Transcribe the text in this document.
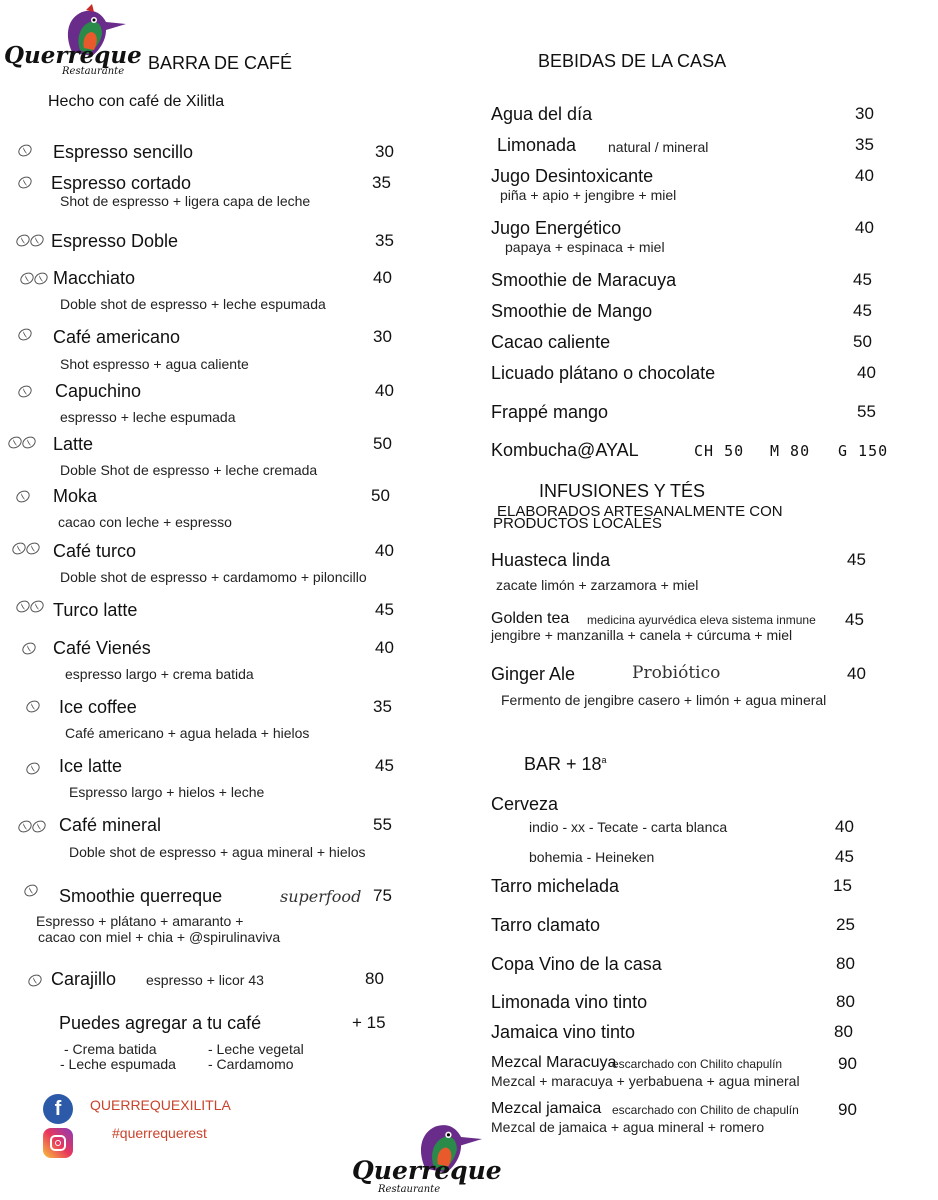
Querreque
Restaurante BARRA DE CAFÉ
Hecho con café de Xilitla
Puedes agregar a tu café	+ 15
- Crema batida	- Leche vegetal
- Leche espumada - Cardamomo
f	QUERREQUEXILITLA
#querrequerest
Querreque
Restaurante
BEBIDAS DE LA CASA
INFUSIONES Y TÉS
ELABORADOS ARTESANALMENTE CON
PRODUCTOS LOCALES
BAR + $18^a$
Espresso sencillo	30
Espresso cortado	35
Shot de espresso + ligera capa de leche
Espresso Doble	35
Macchiato	40
Doble shot de espresso + leche espumada
Café americano	30
Shot espresso + agua caliente
Capuchino	40
espresso + leche espumada
Latte	50
Doble Shot de espresso + leche cremada
Moka	50
cacao con leche + espresso
Café turco	40
Doble shot de espresso + cardamomo + piloncillo
Turco latte	45
Café Vienés	40
espresso largo + crema batida
Ice coffee	35
Café americano + agua helada + hielos
Ice latte	45
Espresso largo + hielos + leche
Café mineral	55
Doble shot de espresso + agua mineral + hielos
Smoothie querreque	75
Espresso + plátano + amaranto +
cacao con miel + chia + @spirulinaviva
superfood
Carajillo	80
espresso + licor 43
Agua del día	30
Limonada	35
natural / mineral
Jugo Desintoxicante	40
piña + apio + jengibre + miel
Jugo Energético	40
papaya + espinaca + miel
Smoothie de Maracuya	45
Smoothie de Mango	45
Cacao caliente	50
Licuado plátano o chocolate	40
Frappé mango	55
Kombucha@AYAL	CH 50 M 80 G 150
Huasteca linda	45
zacate limón + zarzamora + miel
Golden tea	45
medicina ayurvédica eleva sistema inmune
jengibre + manzanilla + canela + cúrcuma + miel
Ginger Ale	40
Probiótico
Fermento de jengibre casero + limón + agua mineral
Cerveza
indio - xx - Tecate - carta blanca	40
bohemia - Heineken	45
Tarro michelada	15
Tarro clamato	25
Copa Vino de la casa	80
Limonada vino tinto	80
Jamaica vino tinto	80
Mezcal Maracuya	90
escarchado con Chilito chapulín
Mezcal + maracuya + yerbabuena + agua mineral
Mezcal jamaica	90
escarchado con Chilito de chapulín
Mezcal de jamaica + agua mineral + romero
